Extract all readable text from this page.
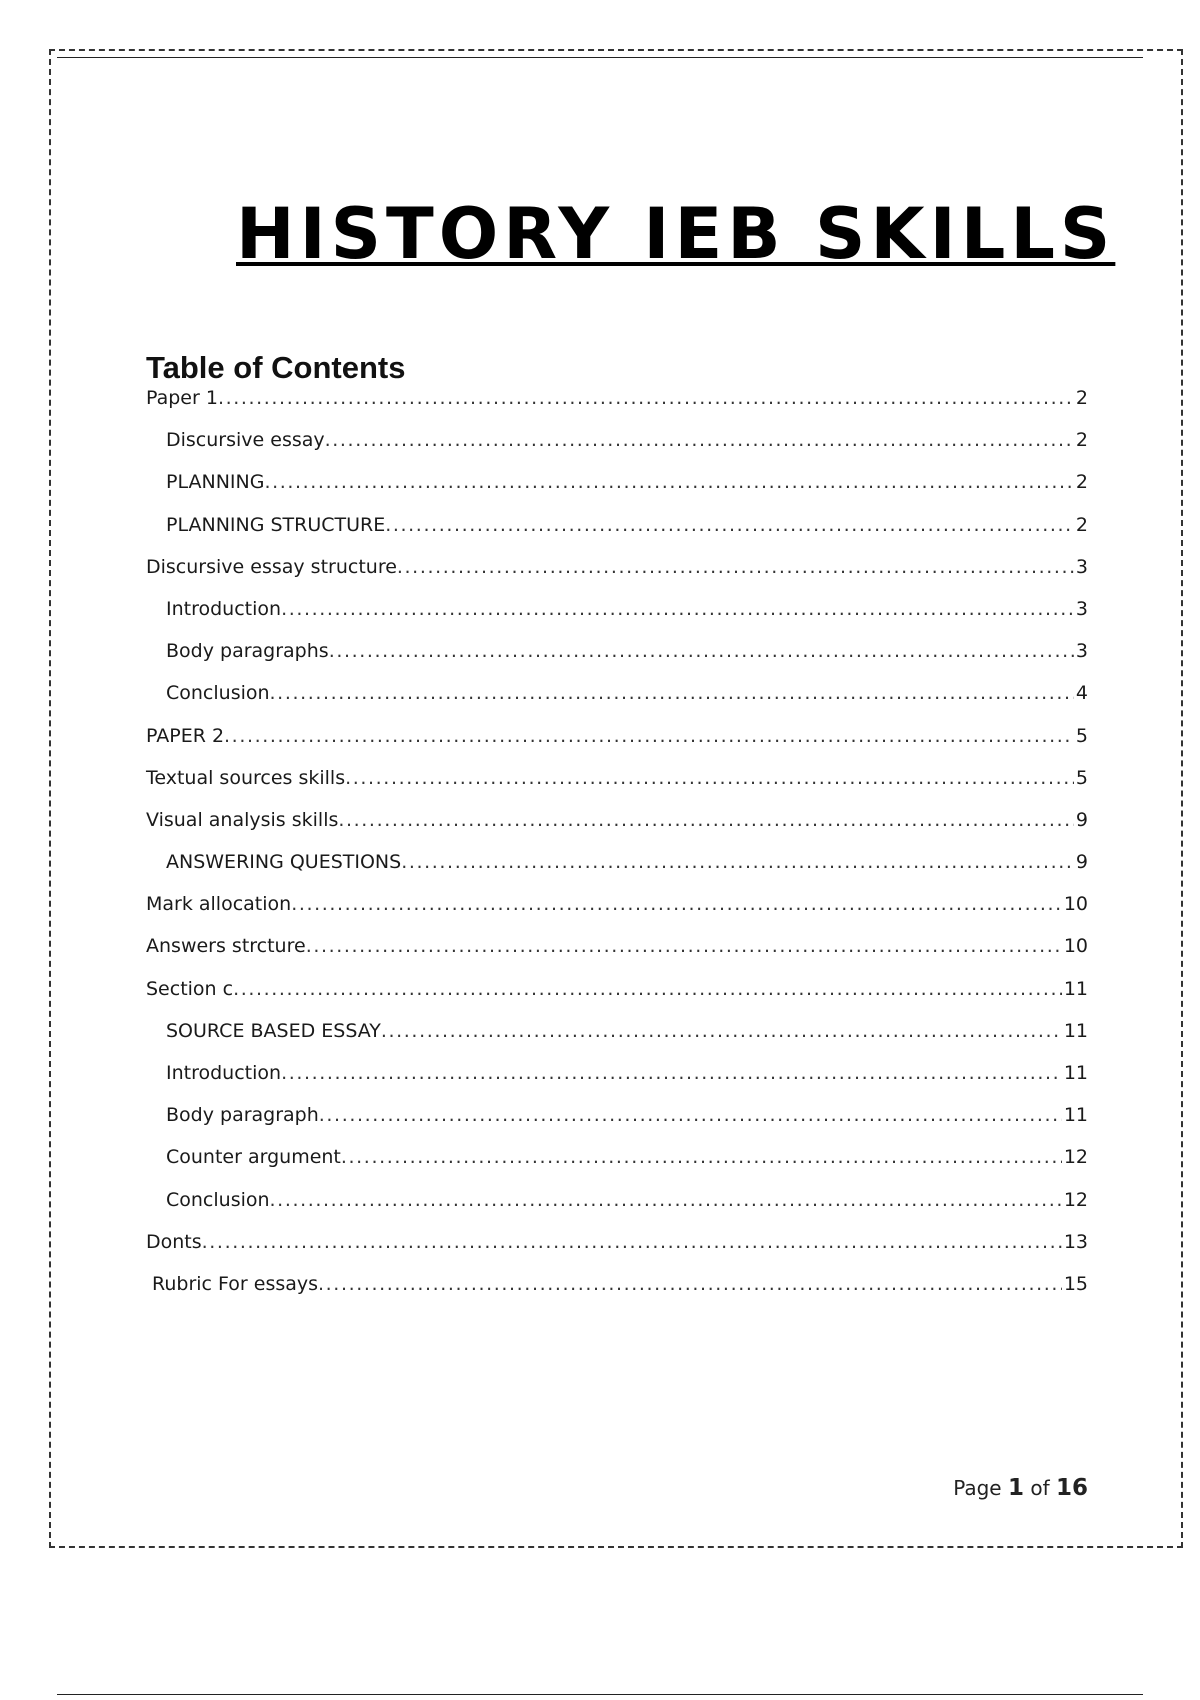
HISTORY IEB SKILLS
Table of Contents
Paper 1 .....	2
Discursive essay .....	2
PLANNING .....	2
PLANNING STRUCTURE .....	2
Discursive essay structure .....	3
Introduction .....	3
Body paragraphs .....	3
Conclusion .....	4
PAPER 2 .....	5
Textual sources skills .....	5
Visual analysis skills .....	9
ANSWERING QUESTIONS .....	9
Mark allocation .....	10
Answers strcture .....	10
Section c .....	11
SOURCE BASED ESSAY .....	11
Introduction .....	11
Body paragraph .....	11
Counter argument .....	12
Conclusion .....	12
Donts .....	13
Rubric For essays .....	15
Page 1 of 16
